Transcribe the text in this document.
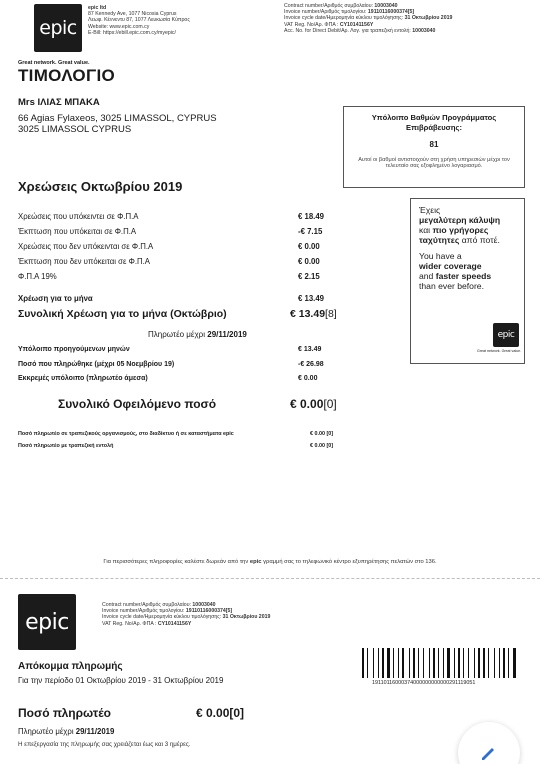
epic
epic ltd
87 Kennedy Ave, 1077 Nicosia Cyprus
Λεωφ. Κέννεντυ 87, 1077 Λευκωσία Κύπρος
Website: www.epic.com.cy
E-Bill: https://ebill.epic.com.cy/myepic/
Contract number/Αριθμός συμβολαίου: 10003040
Invoice number/Αριθμός τιμολογίου: 19110116000374[5]
Invoice cycle date/Ημερομηνία κύκλου τιμολόγησης: 31 Οκτωβρίου 2019
VAT Reg. No/Αρ. ΦΠΑ : CY10141156Y
Acc. No. for Direct Debit/Αρ. Λογ. για τραπεζική εντολή: 10003040
Great network. Great value.
ΤΙΜΟΛΟΓΙΟ
Mrs ΙΛΙΑΣ ΜΠΑΚΑ
66 Agias Fylaxeos, 3025 LIMASSOL, CYPRUS
3025 LIMASSOL CYPRUS
Υπόλοιπο Βαθμών Προγράμματος Επιβράβευσης:
81
Αυτοί οι βαθμοί αντιστοιχούν στη χρήση υπηρεσιών μέχρι τον τελευταίο σας εξοφλημένο λογαριασμό.
Χρεώσεις Οκτωβρίου 2019
Χρεώσεις που υπόκειντει σε Φ.Π.Α	€ 18.49
Έκπτωση που υπόκειται σε Φ.Π.Α	-€ 7.15
Χρεώσεις που δεν υπόκεινται σε Φ.Π.Α	€ 0.00
Έκπτωση που δεν υπόκειται σε Φ.Π.Α	€ 0.00
Φ.Π.Α 19%	€ 2.15
Χρέωση για το μήνα	€ 13.49
Συνολική Χρέωση για το μήνα (Οκτώβριο)	€ 13.49[8]
Πληρωτέο μέχρι 29/11/2019
Υπόλοιπο προηγούμενων μηνών	€ 13.49
Ποσό που πληρώθηκε (μέχρι 05 Νοεμβρίου 19)	-€ 26.98
Εκκρεμές υπόλοιπο (πληρωτέο άμεσα)	€ 0.00
Συνολικό Οφειλόμενο ποσό	€ 0.00[0]
Ποσό πληρωτέο σε τραπεζικούς οργανισμούς, στο διαδίκτυο ή σε καταστήματα epic	€ 0.00 [0]
Ποσό πληρωτέο με τραπεζική εντολή	€ 0.00 [0]
Έχεις
μεγαλύτερη κάλυψη
και πιο γρήγορες
ταχύτητες από ποτέ.
You have a
wider coverage
and faster speeds
than ever before.
epic
Great network. Great value.
Για περισσότερες πληροφορίες καλέστε δωρεάν από την epic γραμμή σας το τηλεφωνικό κέντρο εξυπηρέτησης πελατών στο 136.
epic
Contract number/Αριθμός συμβολαίου: 10003040
Invoice number/Αριθμός τιμολογίου: 19110116000374[5]
Invoice cycle date/Ημερομηνία κύκλου τιμολόγησης: 31 Οκτωβρίου 2019
VAT Reg. No/Αρ. ΦΠΑ : CY10141156Y
Απόκομμα πληρωμής
Για την περίοδο 01 Οκτωβρίου 2019 - 31 Οκτωβρίου 2019	19110116000374000000000000291119051
Ποσό πληρωτέο	€ 0.00[0]
Πληρωτέο μέχρι 29/11/2019
Η επεξεργασία της πληρωμής σας χρειάζεται έως και 3 ημέρες.
